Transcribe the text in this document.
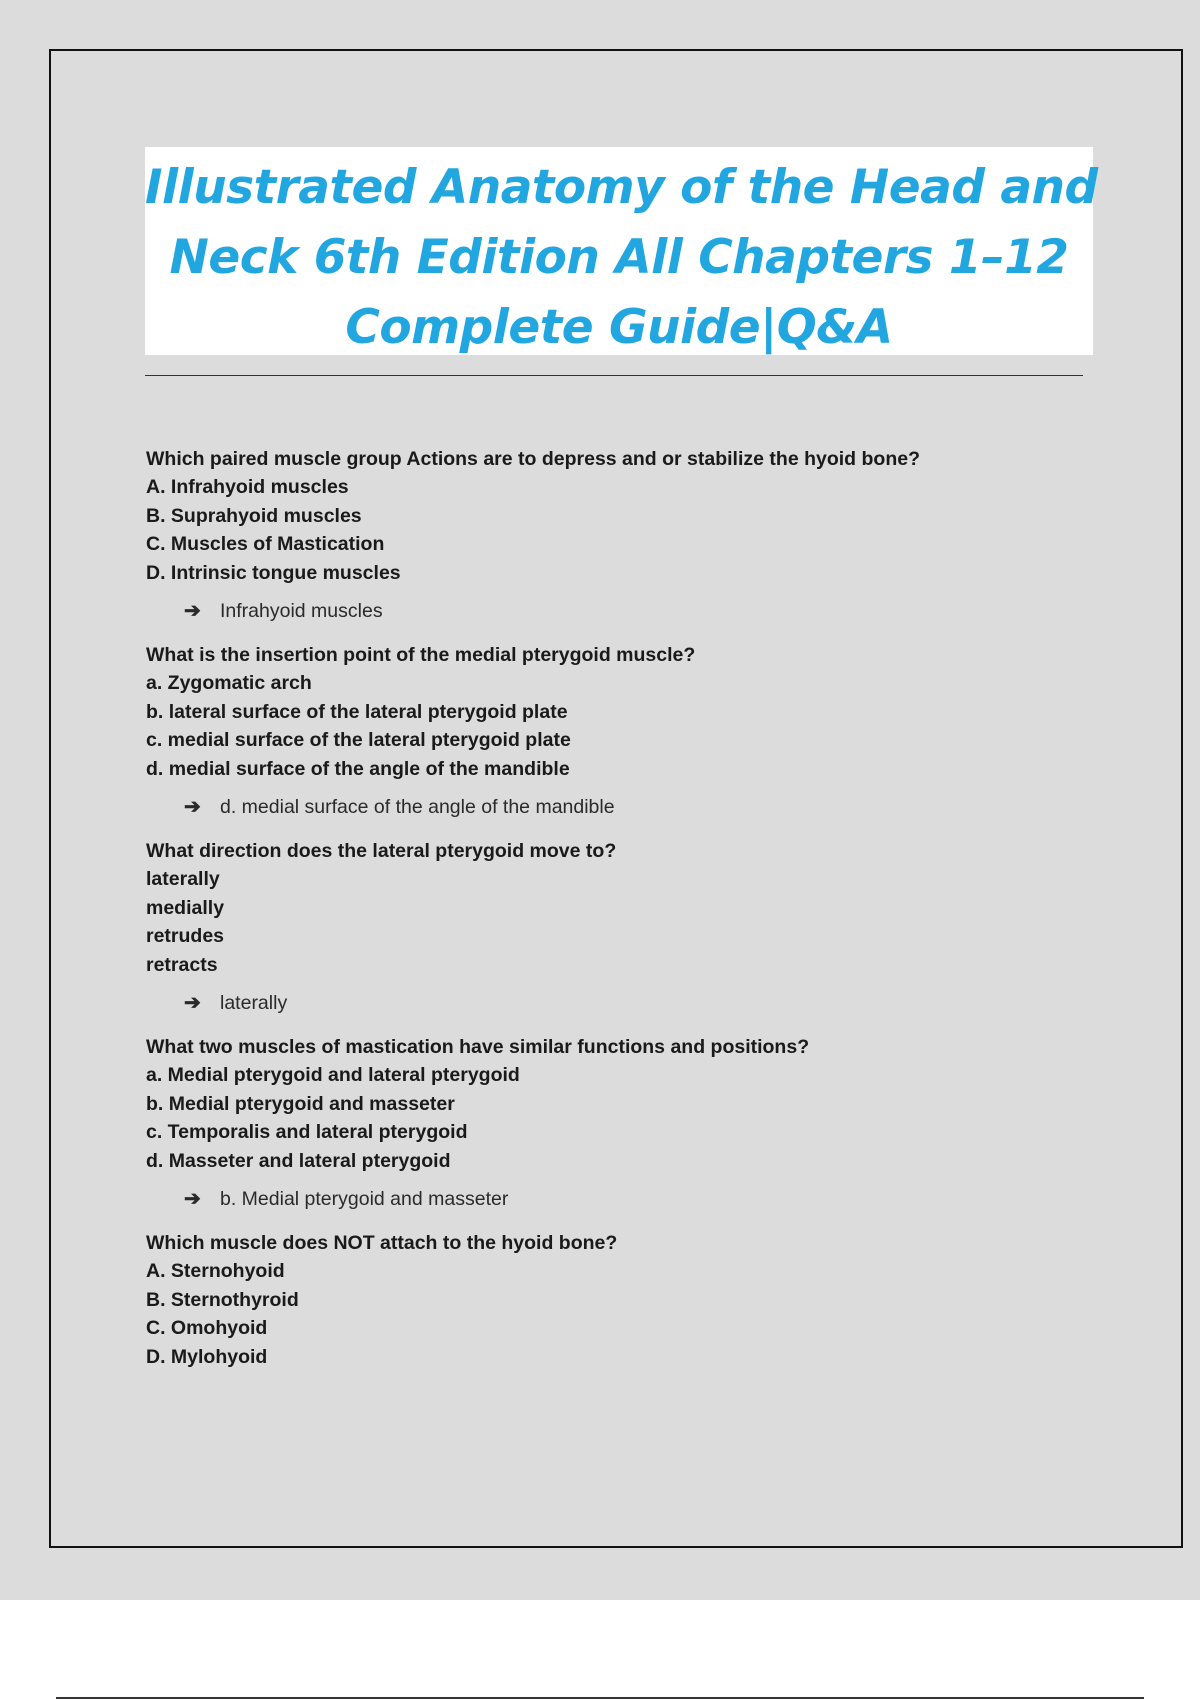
Illustrated Anatomy of the Head and
Neck 6th Edition All Chapters 1–12
Complete Guide|Q&A
Which paired muscle group Actions are to depress and or stabilize the hyoid bone?
A. Infrahyoid muscles
B. Suprahyoid muscles
C. Muscles of Mastication
D. Intrinsic tongue muscles
➔ Infrahyoid muscles
What is the insertion point of the medial pterygoid muscle?
a. Zygomatic arch
b. lateral surface of the lateral pterygoid plate
c. medial surface of the lateral pterygoid plate
d. medial surface of the angle of the mandible
➔ d. medial surface of the angle of the mandible
What direction does the lateral pterygoid move to?
laterally
medially
retrudes
retracts
➔ laterally
What two muscles of mastication have similar functions and positions?
a. Medial pterygoid and lateral pterygoid
b. Medial pterygoid and masseter
c. Temporalis and lateral pterygoid
d. Masseter and lateral pterygoid
➔ b. Medial pterygoid and masseter
Which muscle does NOT attach to the hyoid bone?
A. Sternohyoid
B. Sternothyroid
C. Omohyoid
D. Mylohyoid
